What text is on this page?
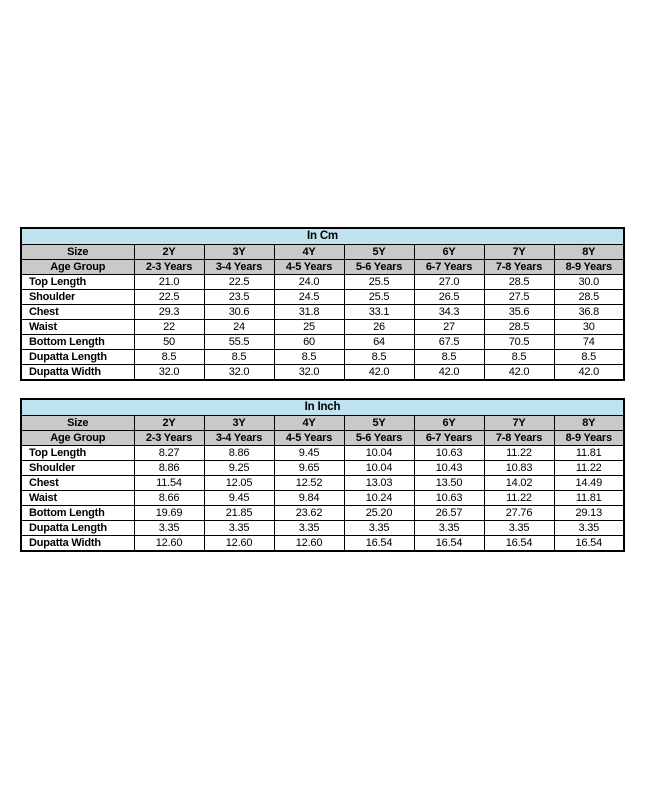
In Cm							
Size	2Y	3Y	4Y	5Y	6Y	7Y	8Y
Age Group	2-3 Years	3-4 Years	4-5 Years	5-6 Years	6-7 Years	7-8 Years	8-9 Years
Top Length	21.0	22.5	24.0	25.5	27.0	28.5	30.0
Shoulder	22.5	23.5	24.5	25.5	26.5	27.5	28.5
Chest	29.3	30.6	31.8	33.1	34.3	35.6	36.8
Waist	22	24	25	26	27	28.5	30
Bottom Length	50	55.5	60	64	67.5	70.5	74
Dupatta Length	8.5	8.5	8.5	8.5	8.5	8.5	8.5
Dupatta Width	32.0	32.0	32.0	42.0	42.0	42.0	42.0
In Inch							
Size	2Y	3Y	4Y	5Y	6Y	7Y	8Y
Age Group	2-3 Years	3-4 Years	4-5 Years	5-6 Years	6-7 Years	7-8 Years	8-9 Years
Top Length	8.27	8.86	9.45	10.04	10.63	11.22	11.81
Shoulder	8.86	9.25	9.65	10.04	10.43	10.83	11.22
Chest	11.54	12.05	12.52	13.03	13.50	14.02	14.49
Waist	8.66	9.45	9.84	10.24	10.63	11.22	11.81
Bottom Length	19.69	21.85	23.62	25.20	26.57	27.76	29.13
Dupatta Length	3.35	3.35	3.35	3.35	3.35	3.35	3.35
Dupatta Width	12.60	12.60	12.60	16.54	16.54	16.54	16.54
